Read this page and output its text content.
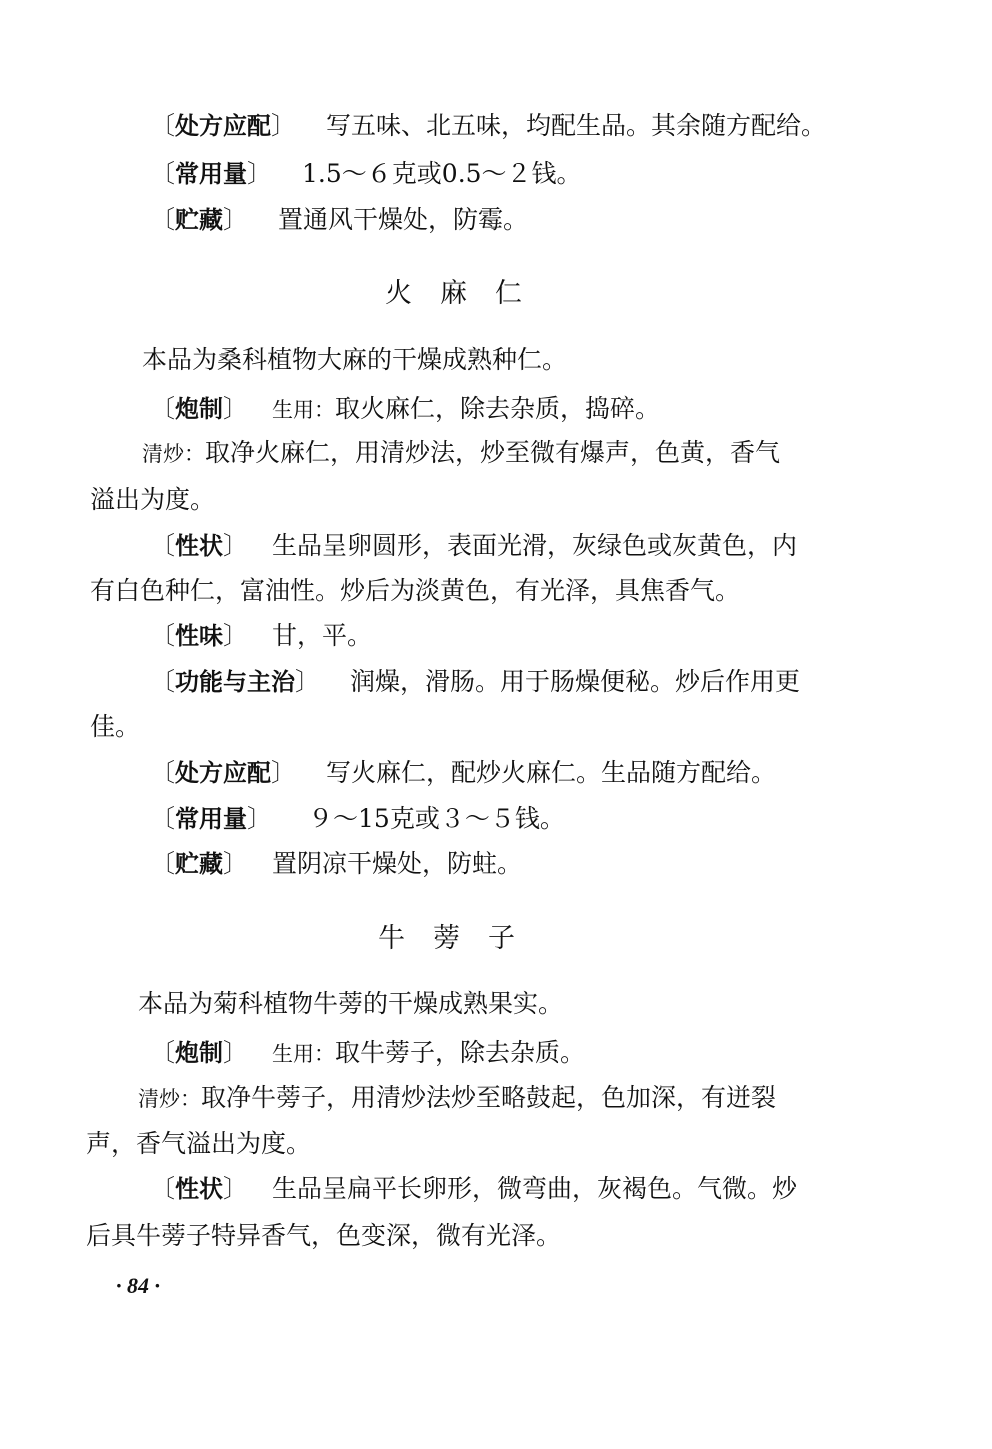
〔处方应配〕 写五味、北五味，均配生品。其余随方配给。
〔常用量〕 1.5～６克或0.5～２钱。
〔贮藏〕 置通风干燥处，防霉。
火麻仁
本品为桑科植物大麻的干燥成熟种仁。
〔炮制〕 生用：取火麻仁，除去杂质，捣碎。
清炒：取净火麻仁，用清炒法，炒至微有爆声，色黄，香气
溢出为度。
〔性状〕 生品呈卵圆形，表面光滑，灰绿色或灰黄色，内
有白色种仁，富油性。炒后为淡黄色，有光泽，具焦香气。
〔性味〕 甘，平。
〔功能与主治〕 润燥，滑肠。用于肠燥便秘。炒后作用更
佳。
〔处方应配〕 写火麻仁，配炒火麻仁。生品随方配给。
〔常用量〕 ９～15克或３～５钱。
〔贮藏〕 置阴凉干燥处，防蛀。
牛蒡子
本品为菊科植物牛蒡的干燥成熟果实。
〔炮制〕 生用：取牛蒡子，除去杂质。
清炒：取净牛蒡子，用清炒法炒至略鼓起，色加深，有迸裂
声，香气溢出为度。
〔性状〕 生品呈扁平长卵形，微弯曲，灰褐色。气微。炒
后具牛蒡子特异香气，色变深，微有光泽。
· 84 ·
